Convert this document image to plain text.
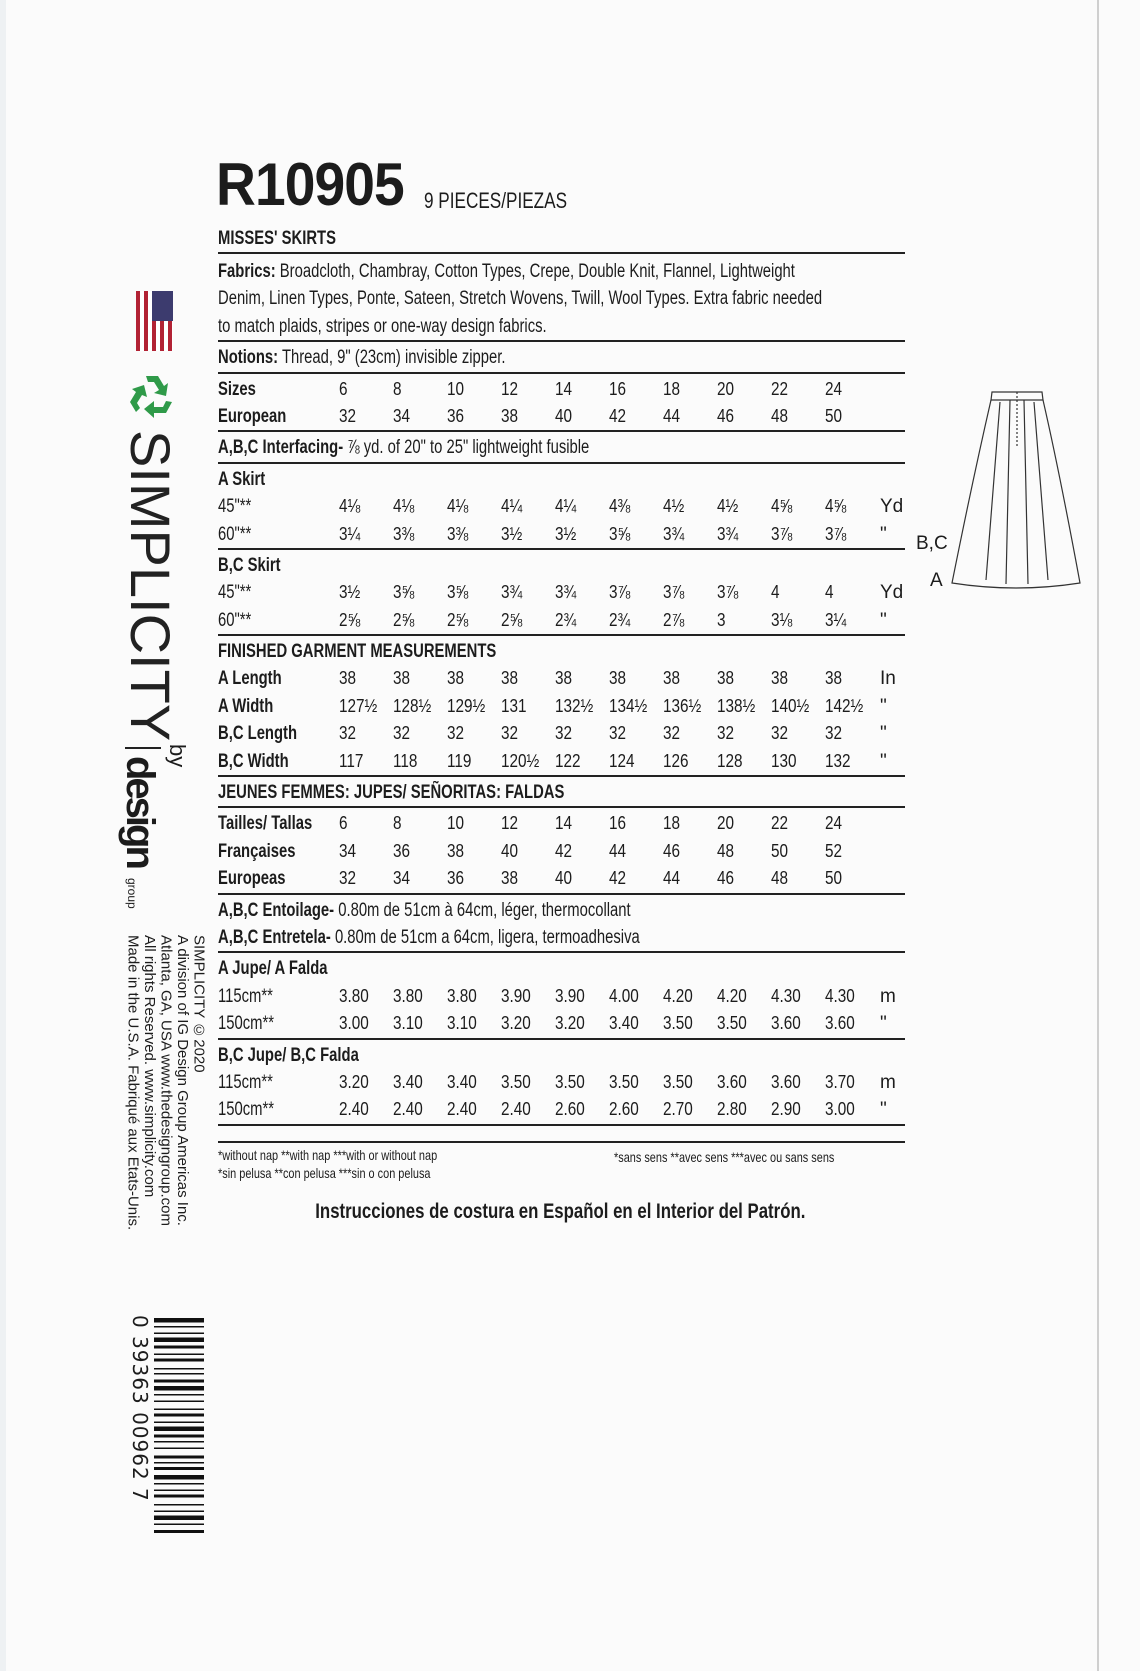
R10905 9 PIECES/PIEZAS
MISSES' SKIRTS
Fabrics: Broadcloth, Chambray, Cotton Types, Crepe, Double Knit, Flannel, Lightweight
Denim, Linen Types, Ponte, Sateen, Stretch Wovens, Twill, Wool Types. Extra fabric needed
to match plaids, stripes or one-way design fabrics.
Notions: Thread, 9" (23cm) invisible zipper.
Sizes	6	8	10	12	14	16	18	20	22	24
European	32	34	36	38	40	42	44	46	48	50
A,B,C Interfacing- ⅞ yd. of 20" to 25" lightweight fusible
A Skirt
45"**	4⅛	4⅛	4⅛	4¼	4¼	4⅜	4½	4½	4⅝	4⅝	Yd
60"**	3¼	3⅜	3⅜	3½	3½	3⅝	3¾	3¾	3⅞	3⅞	"
B,C Skirt
45"**	3½	3⅝	3⅝	3¾	3¾	3⅞	3⅞	3⅞	4	4	Yd
60"**	2⅝	2⅝	2⅝	2⅝	2¾	2¾	2⅞	3	3⅛	3¼	"
FINISHED GARMENT MEASUREMENTS
A Length	38	38	38	38	38	38	38	38	38	38	In
A Width	127½ 128½ 129½ 131	132½ 134½ 136½ 138½ 140½ 142½ "
B,C Length 32	32	32	32	32	32	32	32	32	32	"
B,C Width	117	118	119	120½ 122	124	126	128	130	132	"
JEUNES FEMMES: JUPES/ SEÑORITAS: FALDAS
Tailles/ Tallas 6	8	10	12	14	16	18	20	22	24
Françaises 34	36	38	40	42	44	46	48	50	52
Europeas	32	34	36	38	40	42	44	46	48	50
A,B,C Entoilage- 0.80m de 51cm à 64cm, léger, thermocollant
A,B,C Entretela- 0.80m de 51cm a 64cm, ligera, termoadhesiva
A Jupe/ A Falda
115cm**	3.80	3.80	3.80	3.90	3.90	4.00	4.20	4.20	4.30	4.30	m
150cm**	3.00	3.10	3.10	3.20	3.20	3.40	3.50	3.50	3.60	3.60	"
B,C Jupe/ B,C Falda
115cm**	3.20	3.40	3.40	3.50	3.50	3.50	3.50	3.60	3.60	3.70	m
150cm**	2.40	2.40	2.40	2.40	2.60	2.60	2.70	2.80	2.90	3.00	"
*without nap **with nap ***with or without nap
*sin pelusa **con pelusa ***sin o con pelusa
*sans sens **avec sens ***avec ou sans sens
Instrucciones de costura en Español en el Interior del Patrón.
SIMPLICITY
by
design
group
SIMPLICITY ©2020
A division of IG Design Group Americas Inc.
Atlanta, GA, USA www.thedesigngroup.com
All rights Reserved. www.simplicity.com
Made in the U.S.A. Fabriqué aux Etats-Unis.
0 39363 00962 7
B,C
A
